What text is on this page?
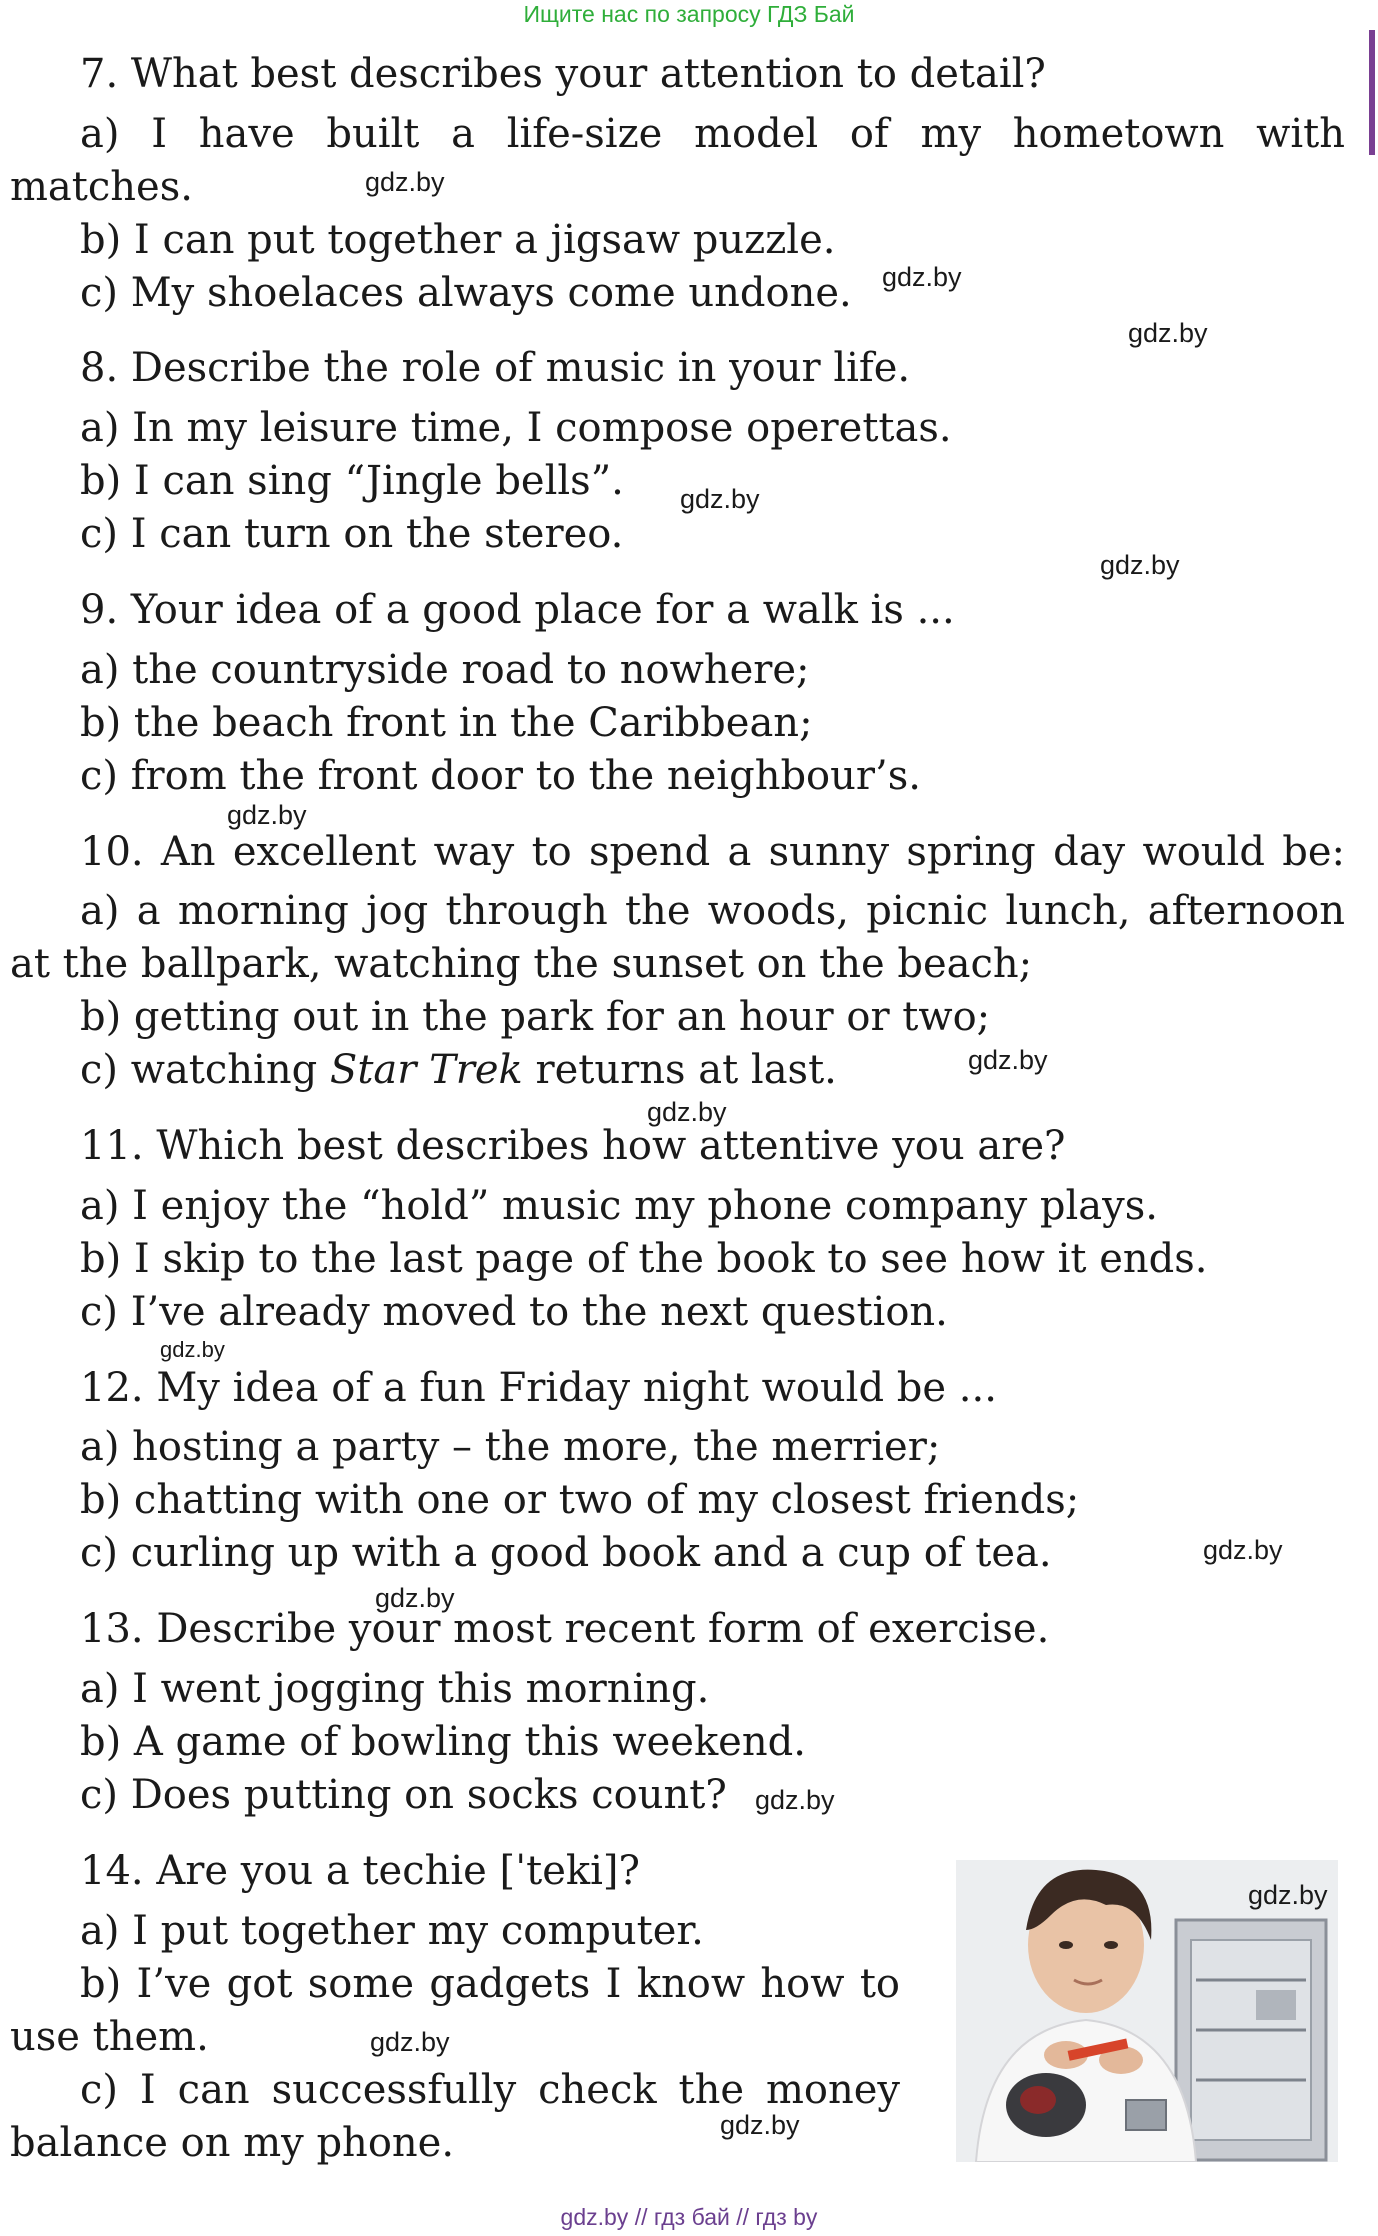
Ищите нас по запросу ГДЗ Бай
7. What best describes your attention to detail?
a) I have built a life-size model of my hometown with
matches.
b) I can put together a jigsaw puzzle.
c) My shoelaces always come undone.
8. Describe the role of music in your life.
a) In my leisure time, I compose operettas.
b) I can sing “Jingle bells”.
c) I can turn on the stereo.
9. Your idea of a good place for a walk is ...
a) the countryside road to nowhere;
b) the beach front in the Caribbean;
c) from the front door to the neighbour’s.
10. An excellent way to spend a sunny spring day would be:
a) a morning jog through the woods, picnic lunch, afternoon
at the ballpark, watching the sunset on the beach;
b) getting out in the park for an hour or two;
c) watching Star Trek returns at last.
11. Which best describes how attentive you are?
a) I enjoy the “hold” music my phone company plays.
b) I skip to the last page of the book to see how it ends.
c) I’ve already moved to the next question.
12. My idea of a fun Friday night would be ...
a) hosting a party – the more, the merrier;
b) chatting with one or two of my closest friends;
c) curling up with a good book and a cup of tea.
13. Describe your most recent form of exercise.
a) I went jogging this morning.
b) A game of bowling this weekend.
c) Does putting on socks count?
14. Are you a techie [ˈteki]?
a) I put together my computer.
b) I’ve got some gadgets I know how to
use them.
c) I can successfully check the money
balance on my phone.
gdz.by
gdz.by
gdz.by
gdz.by
gdz.by
gdz.by
gdz.by
gdz.by
gdz.by
gdz.by
gdz.by
gdz.by
gdz.by
gdz.by
gdz.by
gdz.by // гдз бай // гдз by
